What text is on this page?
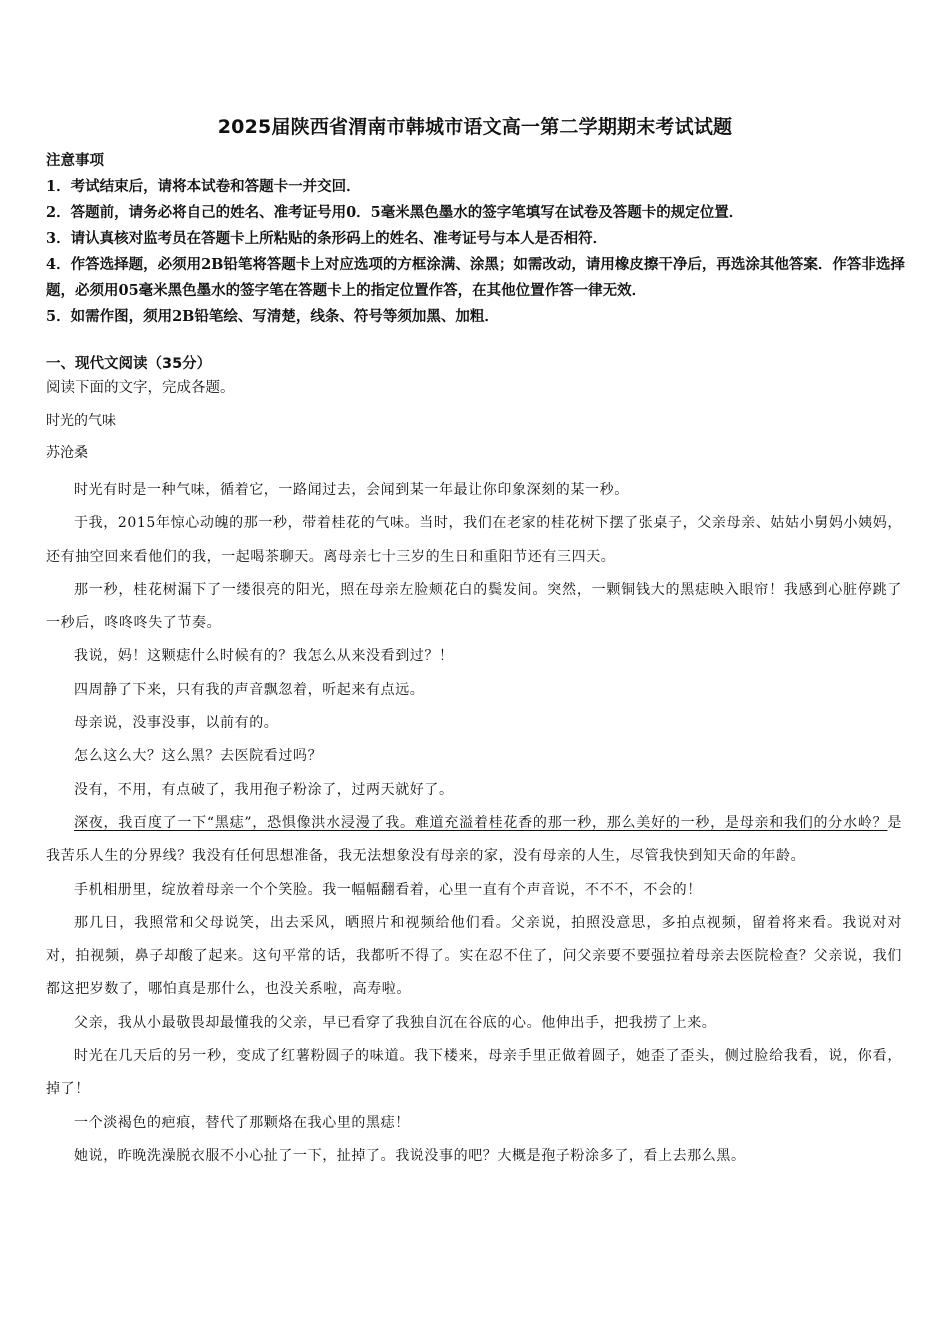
2025届陕西省渭南市韩城市语文高一第二学期期末考试试题
注意事项
1．考试结束后，请将本试卷和答题卡一并交回．
2．答题前，请务必将自己的姓名、准考证号用0．5毫米黑色墨水的签字笔填写在试卷及答题卡的规定位置．
3．请认真核对监考员在答题卡上所粘贴的条形码上的姓名、准考证号与本人是否相符．
4．作答选择题，必须用2B铅笔将答题卡上对应选项的方框涂满、涂黑；如需改动，请用橡皮擦干净后，再选涂其他答案．作答非选择题，必须用05毫米黑色墨水的签字笔在答题卡上的指定位置作答，在其他位置作答一律无效．
5．如需作图，须用2B铅笔绘、写清楚，线条、符号等须加黑、加粗．
一、现代文阅读（35分）
阅读下面的文字，完成各题。
时光的气味
苏沧桑

时光有时是一种气味，循着它，一路闻过去，会闻到某一年最让你印象深刻的某一秒。

于我，2015年惊心动魄的那一秒，带着桂花的气味。当时，我们在老家的桂花树下摆了张桌子，父亲母亲、姑姑小舅妈小姨妈，还有抽空回来看他们的我，一起喝茶聊天。离母亲七十三岁的生日和重阳节还有三四天。

那一秒，桂花树漏下了一缕很亮的阳光，照在母亲左脸颊花白的鬓发间。突然，一颗铜钱大的黑痣映入眼帘！我感到心脏停跳了一秒后，咚咚咚失了节奏。

我说，妈！这颗痣什么时候有的？我怎么从来没看到过？！

四周静了下来，只有我的声音飘忽着，听起来有点远。

母亲说，没事没事，以前有的。

怎么这么大？这么黑？去医院看过吗？

没有，不用，有点破了，我用孢子粉涂了，过两天就好了。

深夜，我百度了一下“黑痣”，恐惧像洪水浸漫了我。难道充溢着桂花香的那一秒，那么美好的一秒，是母亲和我们的分水岭？是我苦乐人生的分界线？我没有任何思想准备，我无法想象没有母亲的家，没有母亲的人生，尽管我快到知天命的年龄。

手机相册里，绽放着母亲一个个笑脸。我一幅幅翻看着，心里一直有个声音说，不不不，不会的！

那几日，我照常和父母说笑，出去采风，晒照片和视频给他们看。父亲说，拍照没意思，多拍点视频，留着将来看。我说对对对，拍视频，鼻子却酸了起来。这句平常的话，我都听不得了。实在忍不住了，问父亲要不要强拉着母亲去医院检查？父亲说，我们都这把岁数了，哪怕真是那什么，也没关系啦，高寿啦。

父亲，我从小最敬畏却最懂我的父亲，早已看穿了我独自沉在谷底的心。他伸出手，把我捞了上来。

时光在几天后的另一秒，变成了红薯粉圆子的味道。我下楼来，母亲手里正做着圆子，她歪了歪头，侧过脸给我看，说，你看，掉了！

一个淡褐色的疤痕，替代了那颗烙在我心里的黑痣！

她说，昨晚洗澡脱衣服不小心扯了一下，扯掉了。我说没事的吧？大概是孢子粉涂多了，看上去那么黑。
